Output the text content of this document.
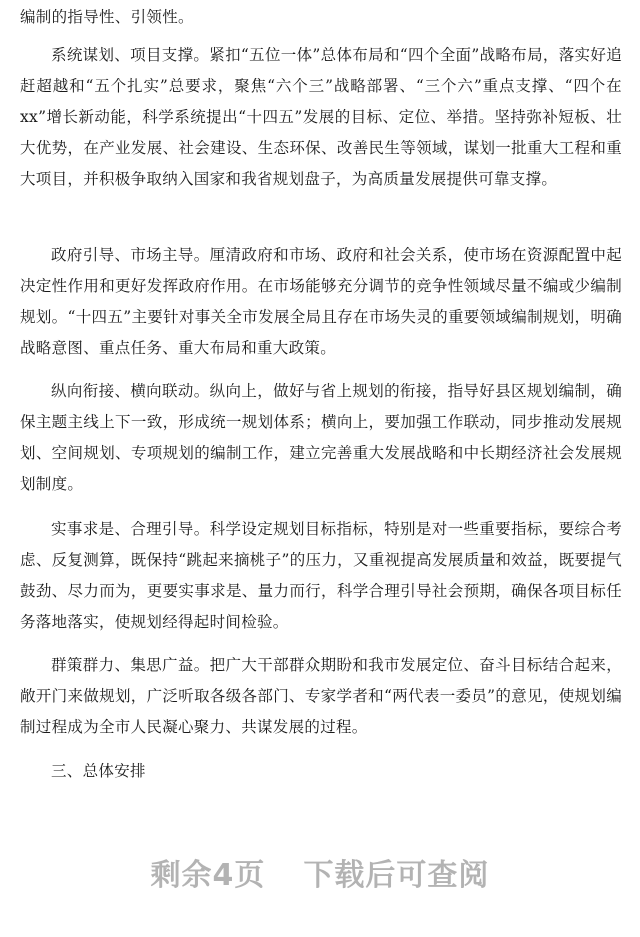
编制的指导性、引领性。

系统谋划、项目支撑。紧扣“五位一体”总体布局和“四个全面”战略布局，落实好追赶超越和“五个扎实”总要求，聚焦“六个三”战略部署、“三个六”重点支撑、“四个在xx”增长新动能，科学系统提出“十四五”发展的目标、定位、举措。坚持弥补短板、壮大优势，在产业发展、社会建设、生态环保、改善民生等领域，谋划一批重大工程和重大项目，并积极争取纳入国家和我省规划盘子，为高质量发展提供可靠支撑。

政府引导、市场主导。厘清政府和市场、政府和社会关系，使市场在资源配置中起决定性作用和更好发挥政府作用。在市场能够充分调节的竞争性领域尽量不编或少编制规划。“十四五”主要针对事关全市发展全局且存在市场失灵的重要领域编制规划，明确战略意图、重点任务、重大布局和重大政策。

纵向衔接、横向联动。纵向上，做好与省上规划的衔接，指导好县区规划编制，确保主题主线上下一致，形成统一规划体系；横向上，要加强工作联动，同步推动发展规划、空间规划、专项规划的编制工作，建立完善重大发展战略和中长期经济社会发展规划制度。

实事求是、合理引导。科学设定规划目标指标，特别是对一些重要指标，要综合考虑、反复测算，既保持“跳起来摘桃子”的压力，又重视提高发展质量和效益，既要提气鼓劲、尽力而为，更要实事求是、量力而行，科学合理引导社会预期，确保各项目标任务落地落实，使规划经得起时间检验。

群策群力、集思广益。把广大干部群众期盼和我市发展定位、奋斗目标结合起来，敞开门来做规划，广泛听取各级各部门、专家学者和“两代表一委员”的意见，使规划编制过程成为全市人民凝心聚力、共谋发展的过程。

三、总体安排

剩余4页 下载后可查阅
